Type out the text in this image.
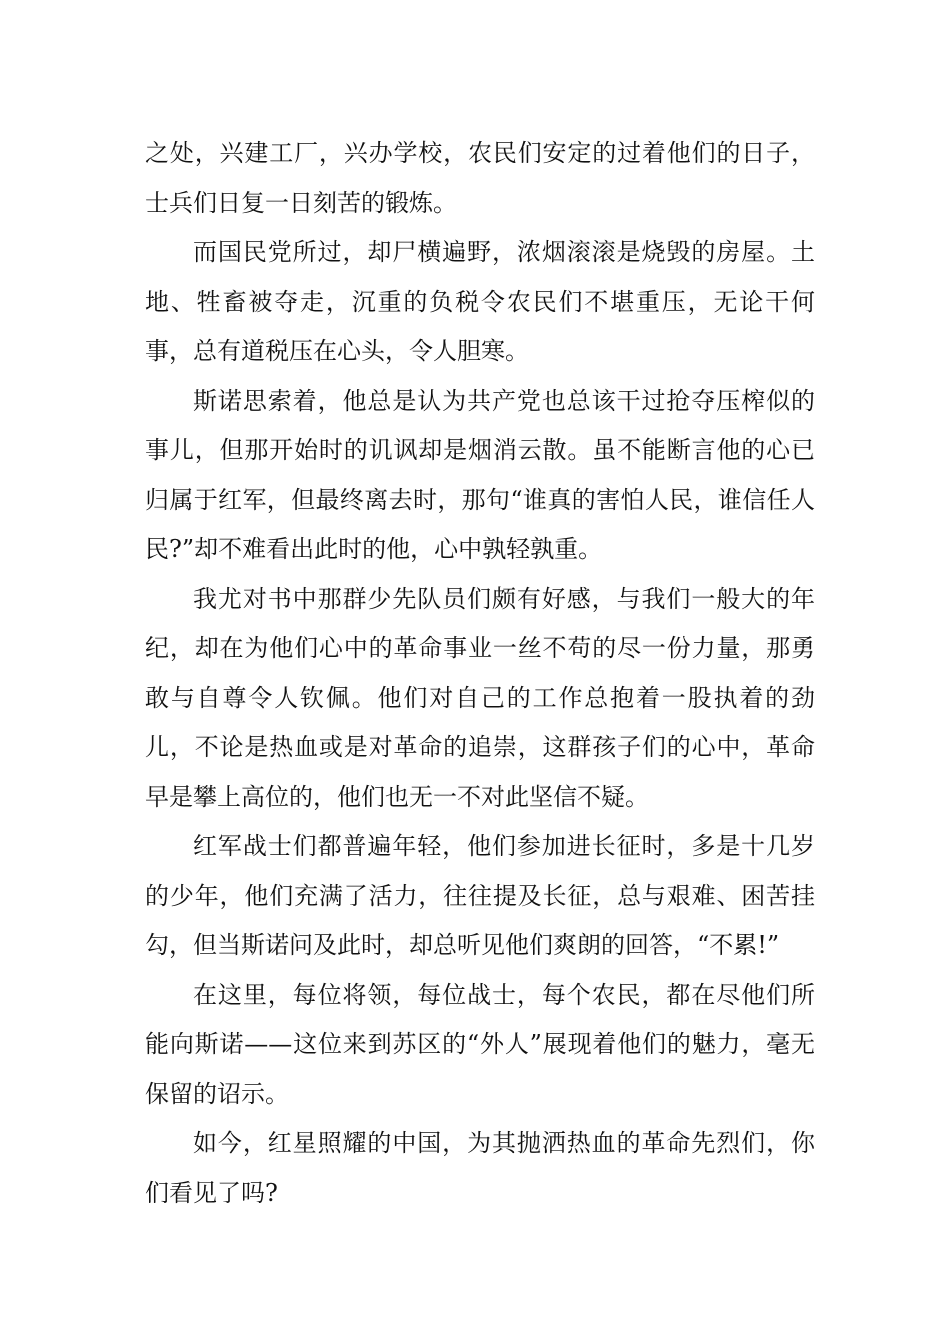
之处，兴建工厂，兴办学校，农民们安定的过着他们的日子，士兵们日复一日刻苦的锻炼。

而国民党所过，却尸横遍野，浓烟滚滚是烧毁的房屋。土地、牲畜被夺走，沉重的负税令农民们不堪重压，无论干何事，总有道税压在心头，令人胆寒。

斯诺思索着，他总是认为共产党也总该干过抢夺压榨似的事儿，但那开始时的讥讽却是烟消云散。虽不能断言他的心已归属于红军，但最终离去时，那句“谁真的害怕人民，谁信任人民?”却不难看出此时的他，心中孰轻孰重。

我尤对书中那群少先队员们颇有好感，与我们一般大的年纪，却在为他们心中的革命事业一丝不苟的尽一份力量，那勇敢与自尊令人钦佩。他们对自己的工作总抱着一股执着的劲儿，不论是热血或是对革命的追崇，这群孩子们的心中，革命早是攀上高位的，他们也无一不对此坚信不疑。

红军战士们都普遍年轻，他们参加进长征时，多是十几岁的少年，他们充满了活力，往往提及长征，总与艰难、困苦挂勾，但当斯诺问及此时，却总听见他们爽朗的回答，“不累!”

在这里，每位将领，每位战士，每个农民，都在尽他们所能向斯诺——这位来到苏区的“外人”展现着他们的魅力，毫无保留的诏示。

如今，红星照耀的中国，为其抛洒热血的革命先烈们，你们看见了吗?
